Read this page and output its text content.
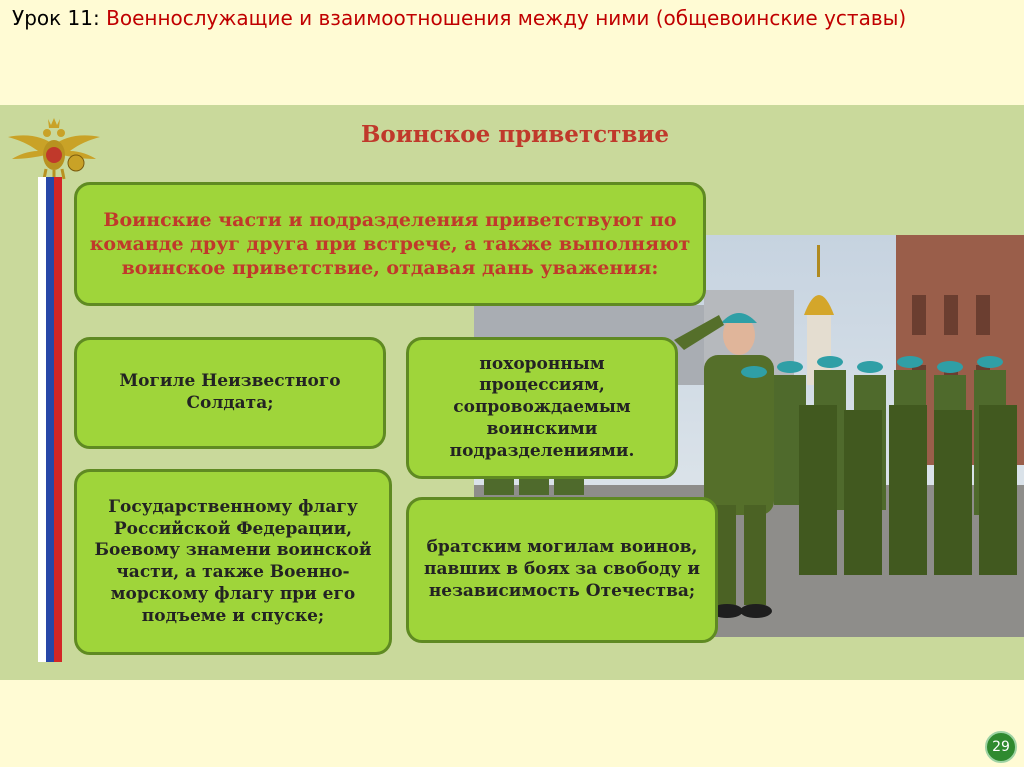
Урок 11: Военнослужащие и взаимоотношения между ними (общевоинские уставы)
Воинское приветствие
Воинские части и подразделения приветствуют по команде друг друга при встрече, а также выполняют воинское приветствие, отдавая дань уважения:
Могиле Неизвестного Солдата;
похоронным процессиям, сопровождаемым воинскими подразделениями.
Государственному флагу Российской Федерации, Боевому знамени воинской части, а также Военно-морскому флагу при его подъеме и спуске;
братским могилам воинов, павших в боях за свободу и независимость Отечества;
29
